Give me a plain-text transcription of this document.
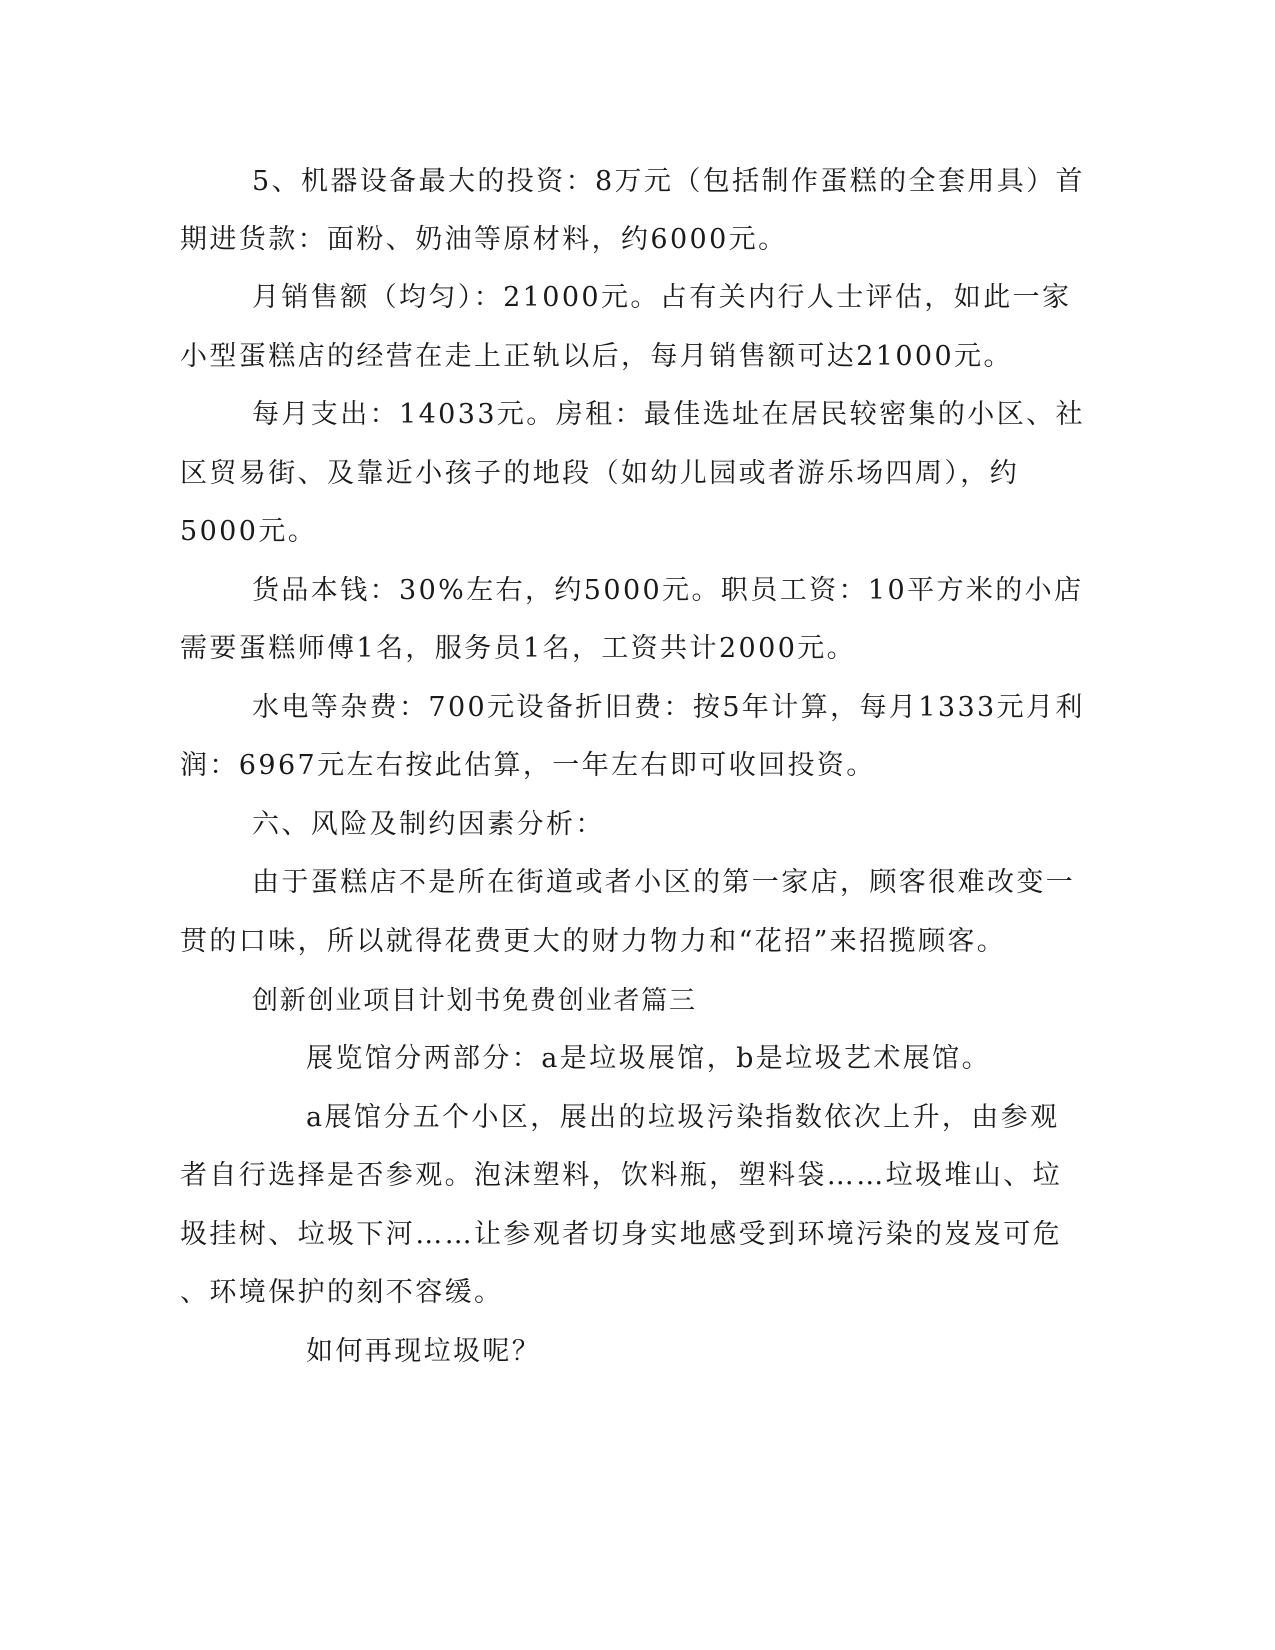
5、机器设备最大的投资：8万元（包括制作蛋糕的全套用具）首
期进货款：面粉、奶油等原材料，约6000元。
月销售额（均匀）：21000元。占有关内行人士评估，如此一家
小型蛋糕店的经营在走上正轨以后，每月销售额可达21000元。
每月支出：14033元。房租：最佳选址在居民较密集的小区、社
区贸易街、及靠近小孩子的地段（如幼儿园或者游乐场四周），约
5000元。
货品本钱：30%左右，约5000元。职员工资：10平方米的小店
需要蛋糕师傅1名，服务员1名，工资共计2000元。
水电等杂费：700元设备折旧费：按5年计算，每月1333元月利
润：6967元左右按此估算，一年左右即可收回投资。
六、风险及制约因素分析：
由于蛋糕店不是所在街道或者小区的第一家店，顾客很难改变一
贯的口味，所以就得花费更大的财力物力和“花招”来招揽顾客。
创新创业项目计划书免费创业者篇三
展览馆分两部分：a是垃圾展馆，b是垃圾艺术展馆。
a展馆分五个小区，展出的垃圾污染指数依次上升，由参观
者自行选择是否参观。泡沫塑料，饮料瓶，塑料袋……垃圾堆山、垃
圾挂树、垃圾下河……让参观者切身实地感受到环境污染的岌岌可危
、环境保护的刻不容缓。
如何再现垃圾呢？
